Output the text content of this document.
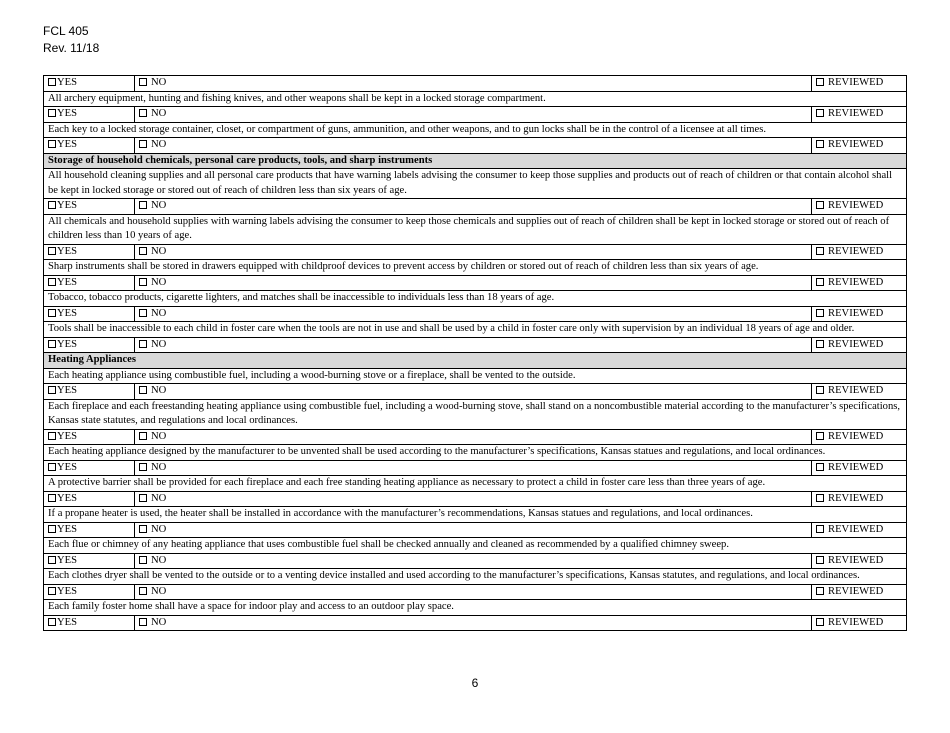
FCL 405
Rev. 11/18
YES	NO	REVIEWED
All archery equipment, hunting and fishing knives, and other weapons shall be kept in a locked storage compartment.		
YES	NO	REVIEWED
Each key to a locked storage container, closet, or compartment of guns, ammunition, and other weapons, and to gun locks shall be in the control of a licensee at all times.		
YES	NO	REVIEWED
Storage of household chemicals, personal care products, tools, and sharp instruments		
All household cleaning supplies and all personal care products that have warning labels advising the consumer to keep those supplies and products out of reach of children or that contain alcohol shall be kept in locked storage or stored out of reach of children less than six years of age.		
YES	NO	REVIEWED
All chemicals and household supplies with warning labels advising the consumer to keep those chemicals and supplies out of reach of children shall be kept in locked storage or stored out of reach of children less than 10 years of age.		
YES	NO	REVIEWED
Sharp instruments shall be stored in drawers equipped with childproof devices to prevent access by children or stored out of reach of children less than six years of age.		
YES	NO	REVIEWED
Tobacco, tobacco products, cigarette lighters, and matches shall be inaccessible to individuals less than 18 years of age.		
YES	NO	REVIEWED
Tools shall be inaccessible to each child in foster care when the tools are not in use and shall be used by a child in foster care only with supervision by an individual 18 years of age and older.		
YES	NO	REVIEWED
Heating Appliances		
Each heating appliance using combustible fuel, including a wood-burning stove or a fireplace, shall be vented to the outside.		
YES	NO	REVIEWED
Each fireplace and each freestanding heating appliance using combustible fuel, including a wood-burning stove, shall stand on a noncombustible material according to the manufacturer’s specifications, Kansas state statutes, and regulations and local ordinances.		
YES	NO	REVIEWED
Each heating appliance designed by the manufacturer to be unvented shall be used according to the manufacturer’s specifications, Kansas statues and regulations, and local ordinances.		
YES	NO	REVIEWED
A protective barrier shall be provided for each fireplace and each free standing heating appliance as necessary to protect a child in foster care less than three years of age.		
YES	NO	REVIEWED
If a propane heater is used, the heater shall be installed in accordance with the manufacturer’s recommendations, Kansas statues and regulations, and local ordinances.		
YES	NO	REVIEWED
Each flue or chimney of any heating appliance that uses combustible fuel shall be checked annually and cleaned as recommended by a qualified chimney sweep.		
YES	NO	REVIEWED
Each clothes dryer shall be vented to the outside or to a venting device installed and used according to the manufacturer’s specifications, Kansas statutes, and regulations, and local ordinances.		
YES	NO	REVIEWED
Each family foster home shall have a space for indoor play and access to an outdoor play space.		
YES	NO	REVIEWED
6
